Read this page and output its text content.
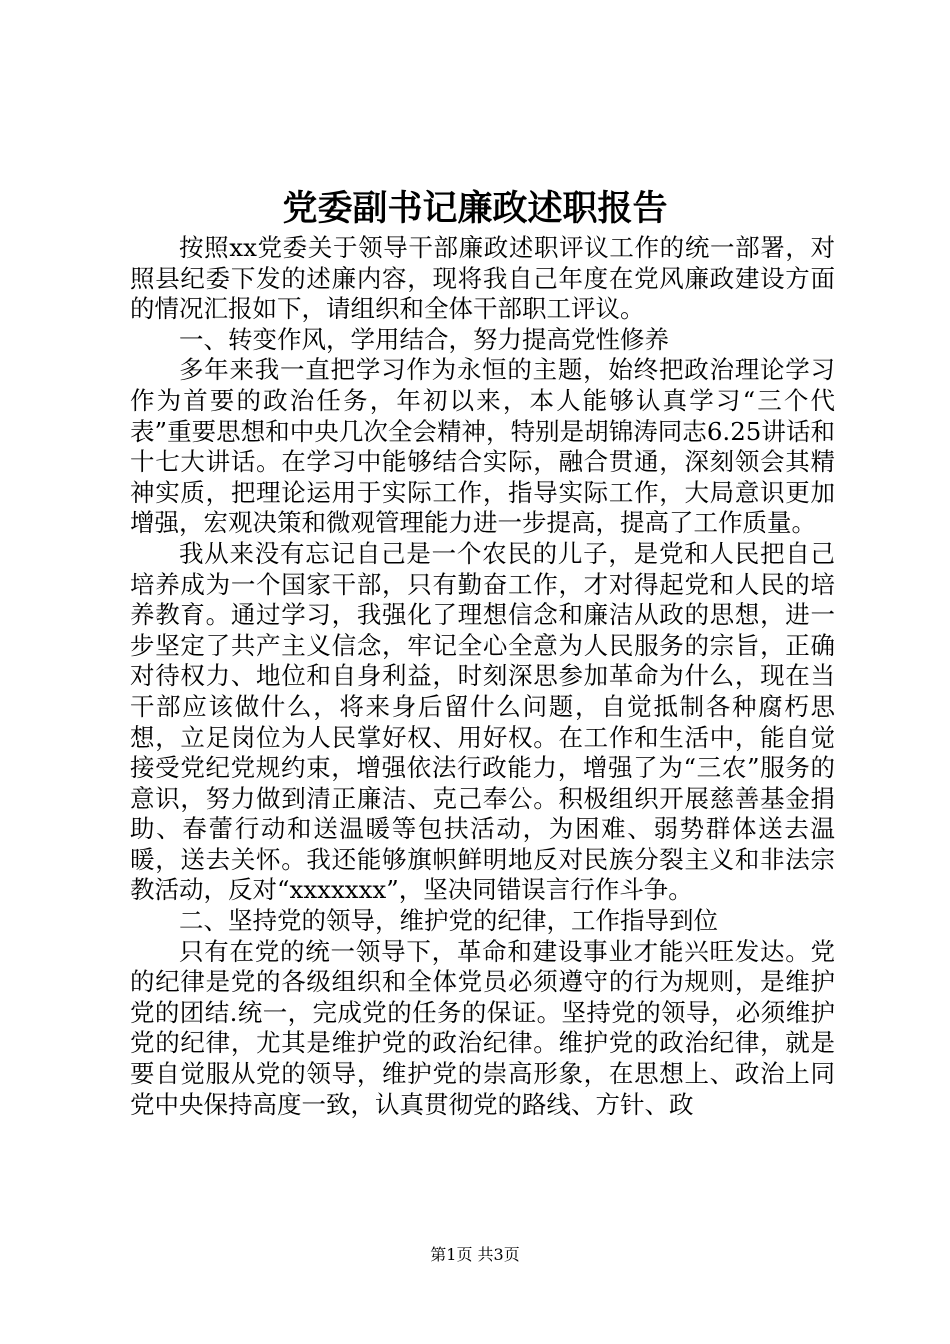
党委副书记廉政述职报告

按照xx党委关于领导干部廉政述职评议工作的统一部署，对照县纪委下发的述廉内容，现将我自己年度在党风廉政建设方面的情况汇报如下，请组织和全体干部职工评议。

一、转变作风，学用结合，努力提高党性修养

多年来我一直把学习作为永恒的主题，始终把政治理论学习作为首要的政治任务，年初以来，本人能够认真学习“三个代表”重要思想和中央几次全会精神，特别是胡锦涛同志6.25讲话和十七大讲话。在学习中能够结合实际，融合贯通，深刻领会其精神实质，把理论运用于实际工作，指导实际工作，大局意识更加增强，宏观决策和微观管理能力进一步提高，提高了工作质量。

我从来没有忘记自己是一个农民的儿子，是党和人民把自己培养成为一个国家干部，只有勤奋工作，才对得起党和人民的培养教育。通过学习，我强化了理想信念和廉洁从政的思想，进一步坚定了共产主义信念，牢记全心全意为人民服务的宗旨，正确对待权力、地位和自身利益，时刻深思参加革命为什么，现在当干部应该做什么，将来身后留什么问题，自觉抵制各种腐朽思想，立足岗位为人民掌好权、用好权。在工作和生活中，能自觉接受党纪党规约束，增强依法行政能力，增强了为“三农”服务的意识，努力做到清正廉洁、克己奉公。积极组织开展慈善基金捐助、春蕾行动和送温暖等包扶活动，为困难、弱势群体送去温暖，送去关怀。我还能够旗帜鲜明地反对民族分裂主义和非法宗教活动，反对“xxxxxxx”，坚决同错误言行作斗争。

二、坚持党的领导，维护党的纪律，工作指导到位

只有在党的统一领导下，革命和建设事业才能兴旺发达。党的纪律是党的各级组织和全体党员必须遵守的行为规则，是维护党的团结.统一，完成党的任务的保证。坚持党的领导，必须维护党的纪律，尤其是维护党的政治纪律。维护党的政治纪律，就是要自觉服从党的领导，维护党的崇高形象，在思想上、政治上同党中央保持高度一致，认真贯彻党的路线、方针、政

第1页 共3页
